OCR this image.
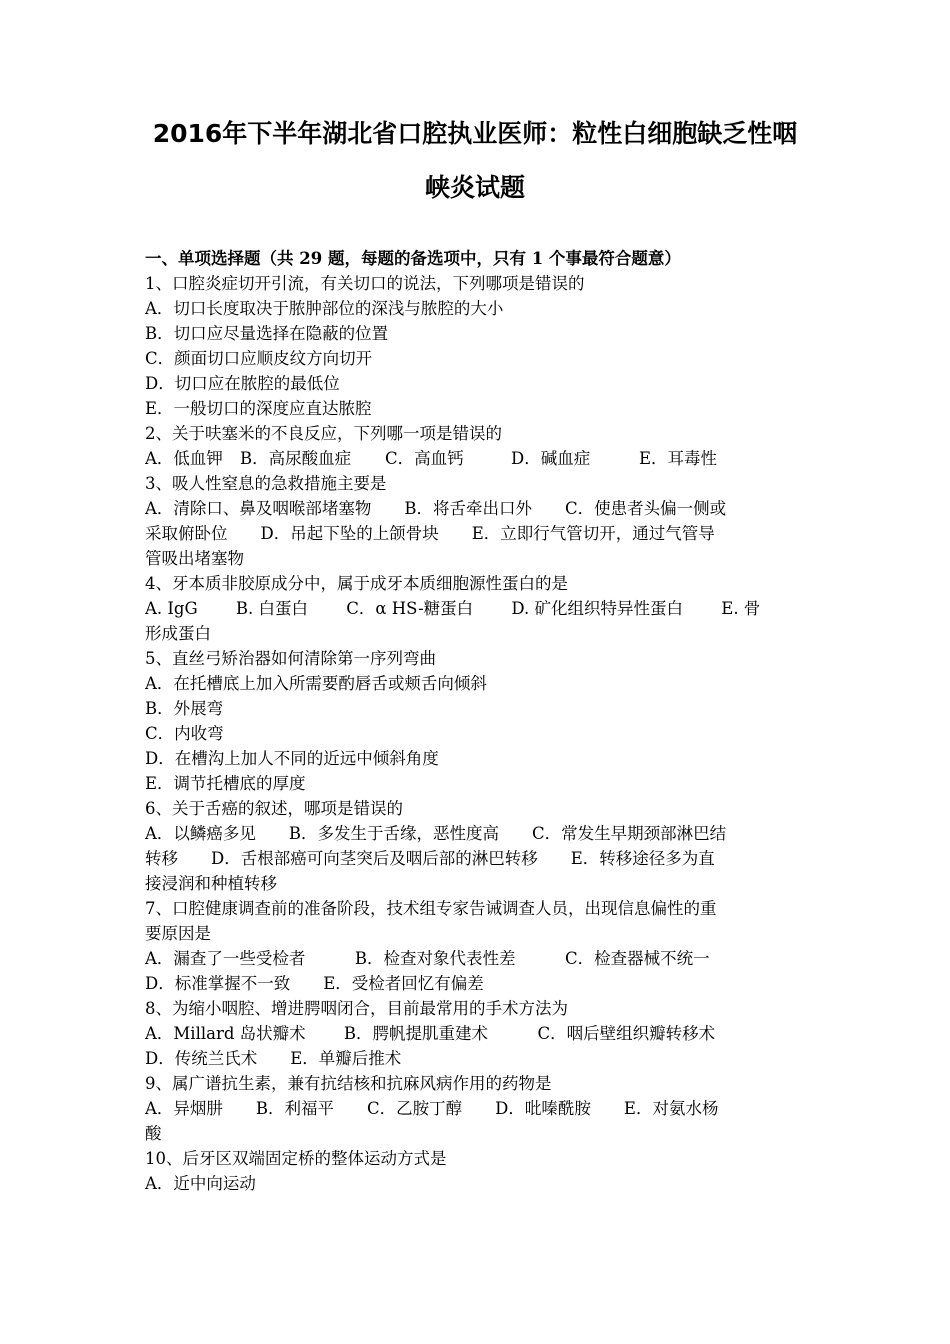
2016年下半年湖北省口腔执业医师：粒性白细胞缺乏性咽
峡炎试题
一、单项选择题（共 29 题，每题的备选项中，只有 1 个事最符合题意）
1、口腔炎症切开引流，有关切口的说法，下列哪项是错误的
A．切口长度取决于脓肿部位的深浅与脓腔的大小
B．切口应尽量选择在隐蔽的位置
C．颜面切口应顺皮纹方向切开
D．切口应在脓腔的最低位
E．一般切口的深度应直达脓腔
2、关于呋塞米的不良反应，下列哪一项是错误的
A．低血钾 B．高尿酸血症 C．高血钙	D．碱血症	E．耳毒性
3、吸人性窒息的急救措施主要是
A．清除口、鼻及咽喉部堵塞物　　B．将舌牵出口外　　C．使患者头偏一侧或
采取俯卧位　　D．吊起下坠的上颌骨块　　E．立即行气管切开，通过气管导
管吸出堵塞物
4、牙本质非胶原成分中，属于成牙本质细胞源性蛋白的是
A. IgG　　 B. 白蛋白　　 C．α HS-糖蛋白　　 D. 矿化组织特异性蛋白　　 E. 骨
形成蛋白
5、直丝弓矫治器如何清除第一序列弯曲
A．在托槽底上加入所需要酌唇舌或颊舌向倾斜
B．外展弯
C．内收弯
D．在槽沟上加人不同的近远中倾斜角度
E．调节托槽底的厚度
6、关于舌癌的叙述，哪项是错误的
A．以鳞癌多见　　B．多发生于舌缘，恶性度高　　C．常发生早期颈部淋巴结
转移　　D．舌根部癌可向茎突后及咽后部的淋巴转移　　E．转移途径多为直
接浸润和种植转移
7、口腔健康调查前的准备阶段，技术组专家告诫调查人员，出现信息偏性的重
要原因是
A．漏查了一些受检者　　　B．检查对象代表性差　　　C．检查器械不统一
D．标准掌握不一致　　E．受检者回忆有偏差
8、为缩小咽腔、增进腭咽闭合，目前最常用的手术方法为
A．Millard 岛状瓣术　　 B．腭帆提肌重建术　　　C．咽后壁组织瓣转移术
D．传统兰氏术　　E．单瓣后推术
9、属广谱抗生素，兼有抗结核和抗麻风病作用的药物是
A．异烟肼　　B．利福平　　C．乙胺丁醇　　D．吡嗪酰胺　　E．对氨水杨
酸
10、后牙区双端固定桥的整体运动方式是
A．近中向运动
